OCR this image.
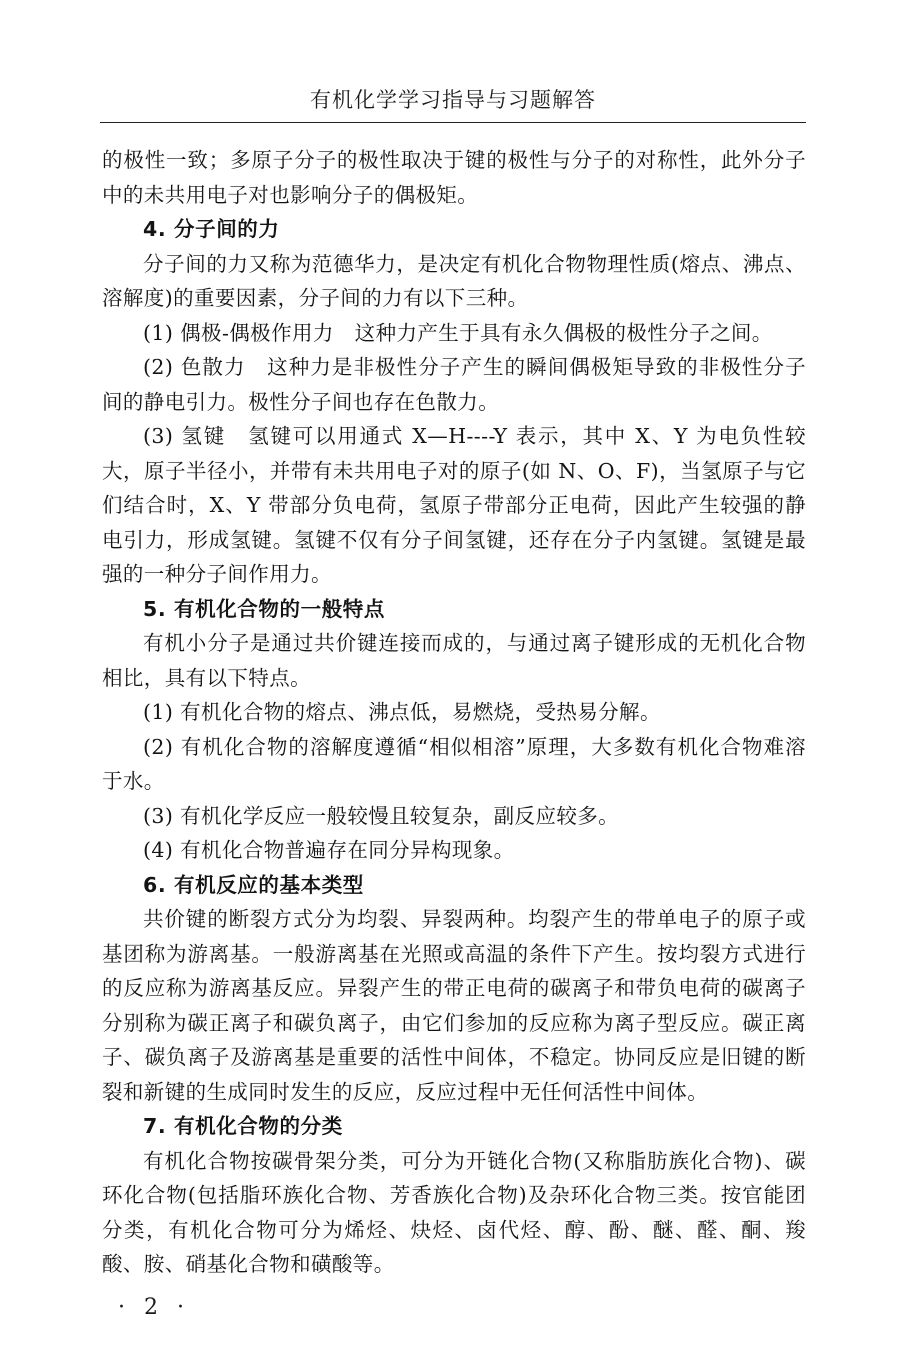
有机化学学习指导与习题解答

的极性一致；多原子分子的极性取决于键的极性与分子的对称性，此外分子中的未共用电子对也影响分子的偶极矩。

4. 分子间的力

分子间的力又称为范德华力，是决定有机化合物物理性质(熔点、沸点、溶解度)的重要因素，分子间的力有以下三种。

(1) 偶极-偶极作用力　这种力产生于具有永久偶极的极性分子之间。

(2) 色散力　这种力是非极性分子产生的瞬间偶极矩导致的非极性分子间的静电引力。极性分子间也存在色散力。

(3) 氢键　氢键可以用通式 X—H----Y 表示，其中 X、Y 为电负性较大，原子半径小，并带有未共用电子对的原子(如 N、O、F)，当氢原子与它们结合时，X、Y 带部分负电荷，氢原子带部分正电荷，因此产生较强的静电引力，形成氢键。氢键不仅有分子间氢键，还存在分子内氢键。氢键是最强的一种分子间作用力。

5. 有机化合物的一般特点

有机小分子是通过共价键连接而成的，与通过离子键形成的无机化合物相比，具有以下特点。

(1) 有机化合物的熔点、沸点低，易燃烧，受热易分解。

(2) 有机化合物的溶解度遵循“相似相溶”原理，大多数有机化合物难溶于水。

(3) 有机化学反应一般较慢且较复杂，副反应较多。

(4) 有机化合物普遍存在同分异构现象。

6. 有机反应的基本类型

共价键的断裂方式分为均裂、异裂两种。均裂产生的带单电子的原子或基团称为游离基。一般游离基在光照或高温的条件下产生。按均裂方式进行的反应称为游离基反应。异裂产生的带正电荷的碳离子和带负电荷的碳离子分别称为碳正离子和碳负离子，由它们参加的反应称为离子型反应。碳正离子、碳负离子及游离基是重要的活性中间体，不稳定。协同反应是旧键的断裂和新键的生成同时发生的反应，反应过程中无任何活性中间体。

7. 有机化合物的分类

有机化合物按碳骨架分类，可分为开链化合物(又称脂肪族化合物)、碳环化合物(包括脂环族化合物、芳香族化合物)及杂环化合物三类。按官能团分类，有机化合物可分为烯烃、炔烃、卤代烃、醇、酚、醚、醛、酮、羧酸、胺、硝基化合物和磺酸等。

· 2 ·
